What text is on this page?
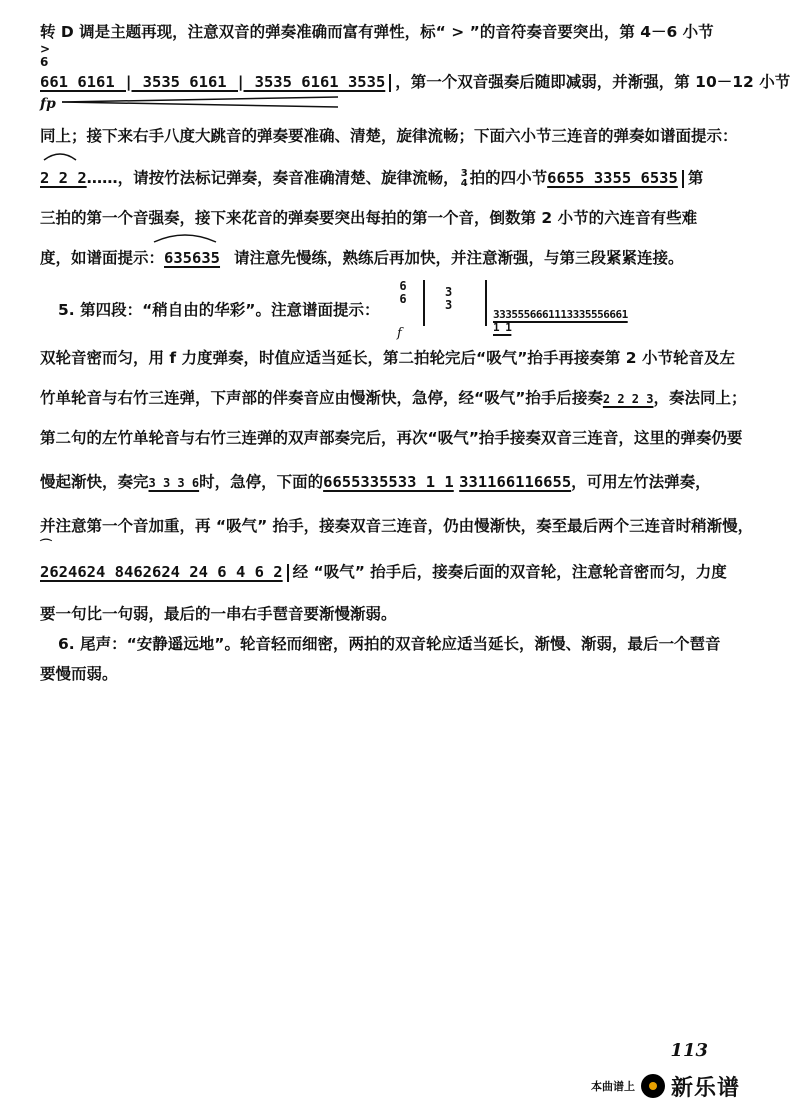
转 D 调是主题再现，注意双音的弹奏准确而富有弹性，标“ > ”的音符奏音要突出，第 4－6 小节
>
6
661 6161 | 3535 6161 | 3535 6161 3535 ，第一个双音强奏后随即减弱，并渐强，第 10－12 小节
fp
同上；接下来右手八度大跳音的弹奏要准确、清楚，旋律流畅；下面六小节三连音的弹奏如谱面提示：
2 2 2……，请按竹法标记弹奏，奏音准确清楚、旋律流畅， 3
4 拍的四小节6655 3355 6535 第
三拍的第一个音强奏，接下来花音的弹奏要突出每拍的第一个音，倒数第 2 小节的六连音有些难
度，如谱面提示：635635 请注意先慢练，熟练后再加快，并注意渐强，与第三段紧紧连接。
5. 第四段：“稍自由的华彩”。注意谱面提示：
6 6	3 3
3335556661113335556661 1 1
f
双轮音密而匀，用 f 力度弹奏，时值应适当延长，第二拍轮完后“吸气”抬手再接奏第 2 小节轮音及左
竹单轮音与右竹三连弹，下声部的伴奏音应由慢渐快，急停，经“吸气”抬手后接奏2 2 2 3，奏法同上；
第二句的左竹单轮音与右竹三连弹的双声部奏完后，再次“吸气”抬手接奏双音三连音，这里的弹奏仍要
慢起渐快，奏完3 3 3 6时，急停，下面的6655335533 1 1 331166116655，可用左竹法弹奏，
并注意第一个音加重，再 “吸气” 抬手，接奏双音三连音，仍由慢渐快，奏至最后两个三连音时稍渐慢，
2624624 8462624 24 6 4 6 2 经 “吸气” 抬手后，接奏后面的双音轮，注意轮音密而匀，力度
⌒
要一句比一句弱，最后的一串右手琶音要渐慢渐弱。
6. 尾声：“安静遥远地”。轮音轻而细密，两拍的双音轮应适当延长，渐慢、渐弱，最后一个琶音
要慢而弱。
113
本曲谱上 新乐谱
